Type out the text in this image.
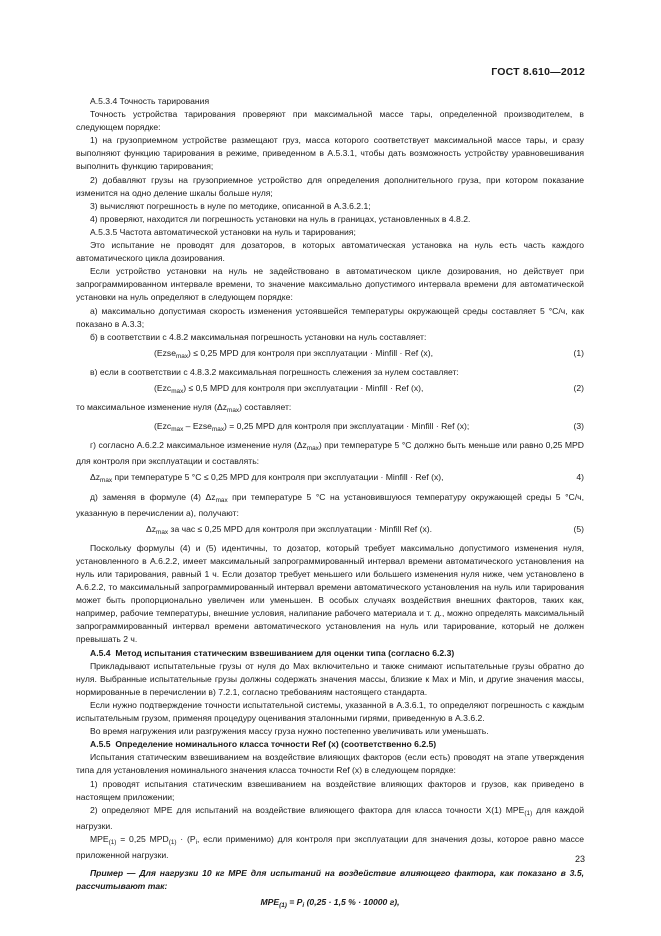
ГОСТ 8.610—2012

А.5.3.4 Точность тарирования

Точность устройства тарирования проверяют при максимальной массе тары, определенной производителем, в следующем порядке:

1) на грузоприемном устройстве размещают груз, масса которого соответствует максимальной массе тары, и сразу выполняют функцию тарирования в режиме, приведенном в А.5.3.1, чтобы дать возможность устройству уравновешивания выполнить функцию тарирования;

2) добавляют грузы на грузоприемное устройство для определения дополнительного груза, при котором показание изменится на одно деление шкалы больше нуля;

3) вычисляют погрешность в нуле по методике, описанной в А.3.6.2.1;

4) проверяют, находится ли погрешность установки на нуль в границах, установленных в 4.8.2.

А.5.3.5 Частота автоматической установки на нуль и тарирования;

Это испытание не проводят для дозаторов, в которых автоматическая установка на нуль есть часть каждого автоматического цикла дозирования.

Если устройство установки на нуль не задействовано в автоматическом цикле дозирования, но действует при запрограммированном интервале времени, то значение максимально допустимого интервала времени для автоматической установки на нуль определяют в следующем порядке:

а) максимально допустимая скорость изменения устоявшейся температуры окружающей среды составляет 5 °С/ч, как показано в А.3.3;

б) в соответствии с 4.8.2 максимальная погрешность установки на нуль составляет:

(Ezse$_{max}$) ≤ 0,25 MPD для контроля при эксплуатации · Minfill · Ref (x),	(1)

в) если в соответствии с 4.8.3.2 максимальная погрешность слежения за нулем составляет:

(Ezc$_{max}$) ≤ 0,5 MPD для контроля при эксплуатации · Minfill · Ref (x),	(2)

то максимальное изменение нуля $(\Delta z_{max})$ составляет:

(Ezc$_{max}$ – Ezse$_{max}$) = 0,25 MPD для контроля при эксплуатации · Minfill · Ref (x);	(3)

г) согласно А.6.2.2 максимальное изменение нуля $(\Delta z_{max})$ при температуре 5 °С должно быть меньше или равно 0,25 MPD для контроля при эксплуатации и составлять:

$\Delta z_{max}$ при температуре 5 °С ≤ 0,25 MPD для контроля при эксплуатации · Minfill · Ref (x),	4)

д) заменяя в формуле (4) $\Delta z_{max}$ при температуре 5 °С на установившуюся температуру окружающей среды 5 °С/ч, указанную в перечислении а), получают:

$\Delta z_{max}$ за час ≤ 0,25 MPD для контроля при эксплуатации · Minfill Ref (x).	(5)

Поскольку формулы (4) и (5) идентичны, то дозатор, который требует максимально допустимого изменения нуля, установленного в А.6.2.2, имеет максимальный запрограммированный интервал времени автоматического установления на нуль или тарирования, равный 1 ч. Если дозатор требует меньшего или большего изменения нуля ниже, чем установлено в А.6.2.2, то максимальный запрограммированный интервал времени автоматического установления на нуль или тарирования может быть пропорционально увеличен или уменьшен. В особых случаях воздействия внешних факторов, таких как, например, рабочие температуры, внешние условия, налипание рабочего материала и т. д., можно определять максимальный запрограммированный интервал времени автоматического установления на нуль или тарирование, который не должен превышать 2 ч.

А.5.4 Метод испытания статическим взвешиванием для оценки типа (согласно 6.2.3)

Прикладывают испытательные грузы от нуля до Max включительно и также снимают испытательные грузы обратно до нуля. Выбранные испытательные грузы должны содержать значения массы, близкие к Max и Min, и другие значения массы, нормированные в перечислении в) 7.2.1, согласно требованиям настоящего стандарта.

Если нужно подтверждение точности испытательной системы, указанной в А.3.6.1, то определяют погрешность с каждым испытательным грузом, применяя процедуру оценивания эталонными гирями, приведенную в А.3.6.2.

Во время нагружения или разгружения массу груза нужно постепенно увеличивать или уменьшать.

А.5.5 Определение номинального класса точности Ref (x) (соответственно 6.2.5)

Испытания статическим взвешиванием на воздействие влияющих факторов (если есть) проводят на этапе утверждения типа для установления номинального значения класса точности Ref (x) в следующем порядке:

1) проводят испытания статическим взвешиванием на воздействие влияющих факторов и грузов, как приведено в настоящем приложении;

2) определяют МРЕ для испытаний на воздействие влияющего фактора для класса точности X(1) $МРЕ_{(1)}$ для каждой нагрузки.

$MPE_{(1)} = 0,25$ $MPD_{(1)} \cdot (P_i$, если применимо) для контроля при эксплуатации для значения дозы, которое равно массе приложенной нагрузки.

Пример — Для нагрузки 10 кг МРЕ для испытаний на воздействие влияющего фактора, как показано в 3.5, рассчитывают так:

$MPE_{(1)} = P_i$ (0,25 · 1,5 % · 10000 г),
23
